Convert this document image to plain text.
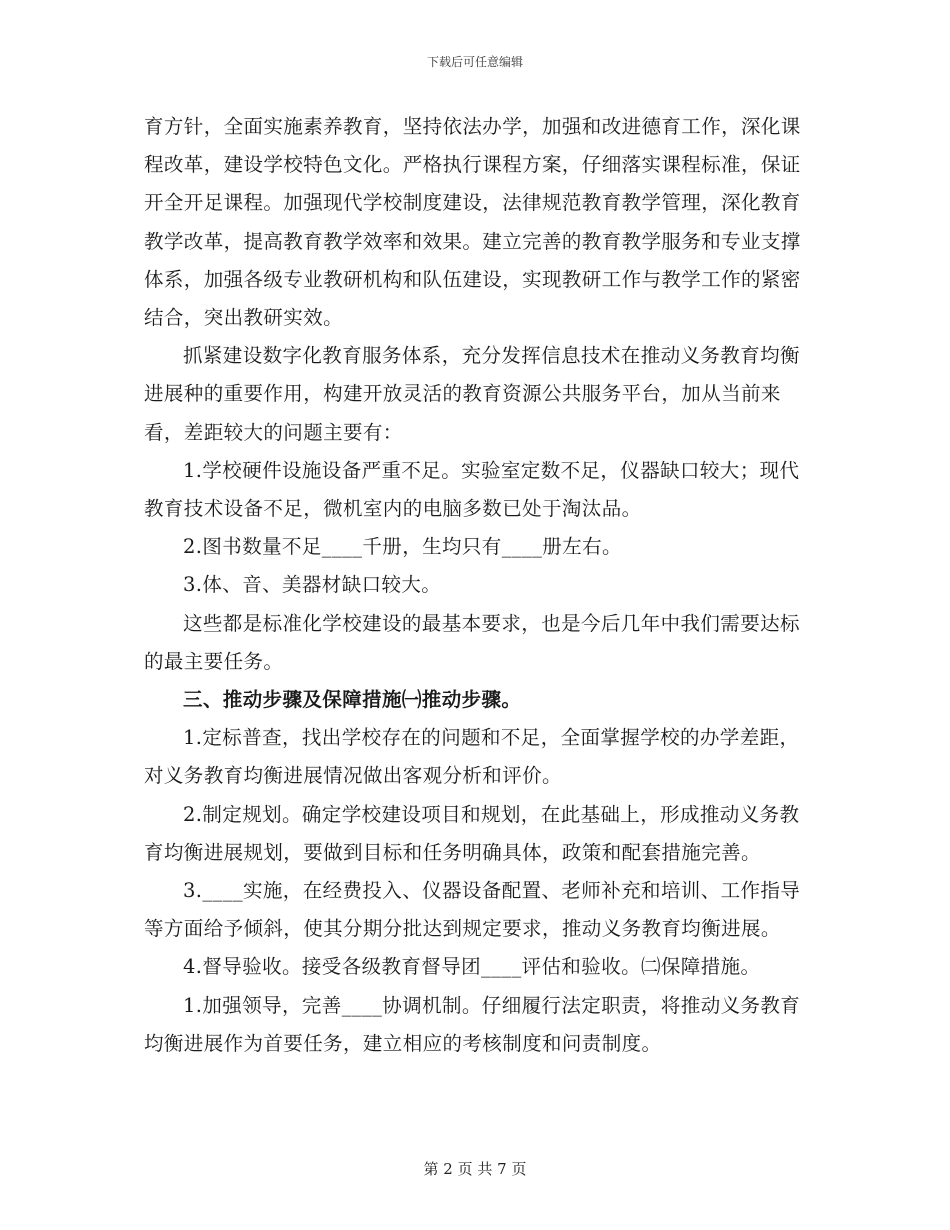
下载后可任意编辑

育方针，全面实施素养教育，坚持依法办学，加强和改进德育工作，深化课程改革，建设学校特色文化。严格执行课程方案，仔细落实课程标准，保证开全开足课程。加强现代学校制度建设，法律规范教育教学管理，深化教育教学改革，提高教育教学效率和效果。建立完善的教育教学服务和专业支撑体系，加强各级专业教研机构和队伍建设，实现教研工作与教学工作的紧密结合，突出教研实效。

抓紧建设数字化教育服务体系，充分发挥信息技术在推动义务教育均衡进展种的重要作用，构建开放灵活的教育资源公共服务平台，加从当前来看，差距较大的问题主要有：

1.学校硬件设施设备严重不足。实验室定数不足，仪器缺口较大；现代教育技术设备不足，微机室内的电脑多数已处于淘汰品。

2.图书数量不足____千册，生均只有____册左右。

3.体、音、美器材缺口较大。

这些都是标准化学校建设的最基本要求，也是今后几年中我们需要达标的最主要任务。

三、推动步骤及保障措施㈠推动步骤。

1.定标普查，找出学校存在的问题和不足，全面掌握学校的办学差距，对义务教育均衡进展情况做出客观分析和评价。

2.制定规划。确定学校建设项目和规划，在此基础上，形成推动义务教育均衡进展规划，要做到目标和任务明确具体，政策和配套措施完善。

3.____实施，在经费投入、仪器设备配置、老师补充和培训、工作指导等方面给予倾斜，使其分期分批达到规定要求，推动义务教育均衡进展。

4.督导验收。接受各级教育督导团____评估和验收。㈡保障措施。

1.加强领导，完善____协调机制。仔细履行法定职责，将推动义务教育均衡进展作为首要任务，建立相应的考核制度和问责制度。

第 2 页 共 7 页
